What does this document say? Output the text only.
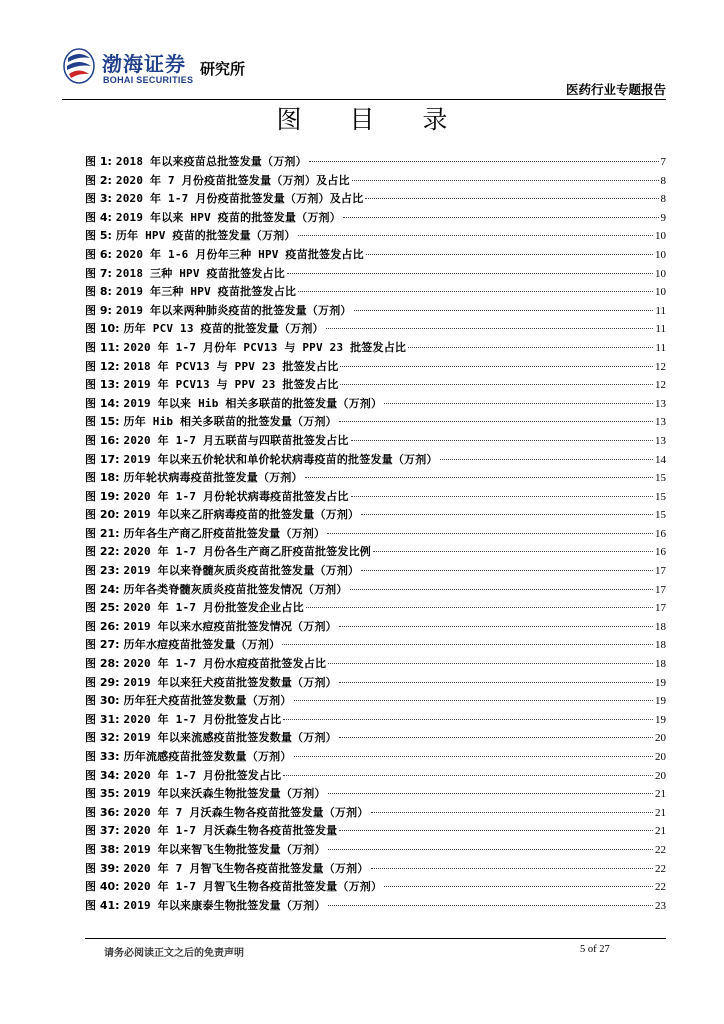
渤海证券
BOHAI SECURITIES
研究所
医药行业专题报告
图 目 录
图 1: 2018 年以来疫苗总批签发量（万剂）	7
图 2: 2020 年 7 月份疫苗批签发量（万剂）及占比	8
图 3: 2020 年 1-7 月份疫苗批签发量（万剂）及占比	8
图 4: 2019 年以来 HPV 疫苗的批签发量（万剂）	9
图 5: 历年 HPV 疫苗的批签发量（万剂）	10
图 6: 2020 年 1-6 月份年三种 HPV 疫苗批签发占比	10
图 7: 2018 三种 HPV 疫苗批签发占比	10
图 8: 2019 年三种 HPV 疫苗批签发占比	10
图 9: 2019 年以来两种肺炎疫苗的批签发量（万剂）	11
图 10: 历年 PCV 13 疫苗的批签发量（万剂）	11
图 11: 2020 年 1-7 月份年 PCV13 与 PPV 23 批签发占比	11
图 12: 2018 年 PCV13 与 PPV 23 批签发占比	12
图 13: 2019 年 PCV13 与 PPV 23 批签发占比	12
图 14: 2019 年以来 Hib 相关多联苗的批签发量（万剂）	13
图 15: 历年 Hib 相关多联苗的批签发量（万剂）	13
图 16: 2020 年 1-7 月五联苗与四联苗批签发占比	13
图 17: 2019 年以来五价轮状和单价轮状病毒疫苗的批签发量（万剂）	14
图 18: 历年轮状病毒疫苗批签发量（万剂）	15
图 19: 2020 年 1-7 月份轮状病毒疫苗批签发占比	15
图 20: 2019 年以来乙肝病毒疫苗的批签发量（万剂）	15
图 21: 历年各生产商乙肝疫苗批签发量（万剂）	16
图 22: 2020 年 1-7 月份各生产商乙肝疫苗批签发比例	16
图 23: 2019 年以来脊髓灰质炎疫苗批签发量（万剂）	17
图 24: 历年各类脊髓灰质炎疫苗批签发情况（万剂）	17
图 25: 2020 年 1-7 月份批签发企业占比	17
图 26: 2019 年以来水痘疫苗批签发情况（万剂）	18
图 27: 历年水痘疫苗批签发量（万剂）	18
图 28: 2020 年 1-7 月份水痘疫苗批签发占比	18
图 29: 2019 年以来狂犬疫苗批签发数量（万剂）	19
图 30: 历年狂犬疫苗批签发数量（万剂）	19
图 31: 2020 年 1-7 月份批签发占比	19
图 32: 2019 年以来流感疫苗批签发数量（万剂）	20
图 33: 历年流感疫苗批签发数量（万剂）	20
图 34: 2020 年 1-7 月份批签发占比	20
图 35: 2019 年以来沃森生物批签发量（万剂）	21
图 36: 2020 年 7 月沃森生物各疫苗批签发量（万剂）	21
图 37: 2020 年 1-7 月沃森生物各疫苗批签发量	21
图 38: 2019 年以来智飞生物批签发量（万剂）	22
图 39: 2020 年 7 月智飞生物各疫苗批签发量（万剂）	22
图 40: 2020 年 1-7 月智飞生物各疫苗批签发量（万剂）	22
图 41: 2019 年以来康泰生物批签发量（万剂）	23
请务必阅读正文之后的免责声明	5 of 27
